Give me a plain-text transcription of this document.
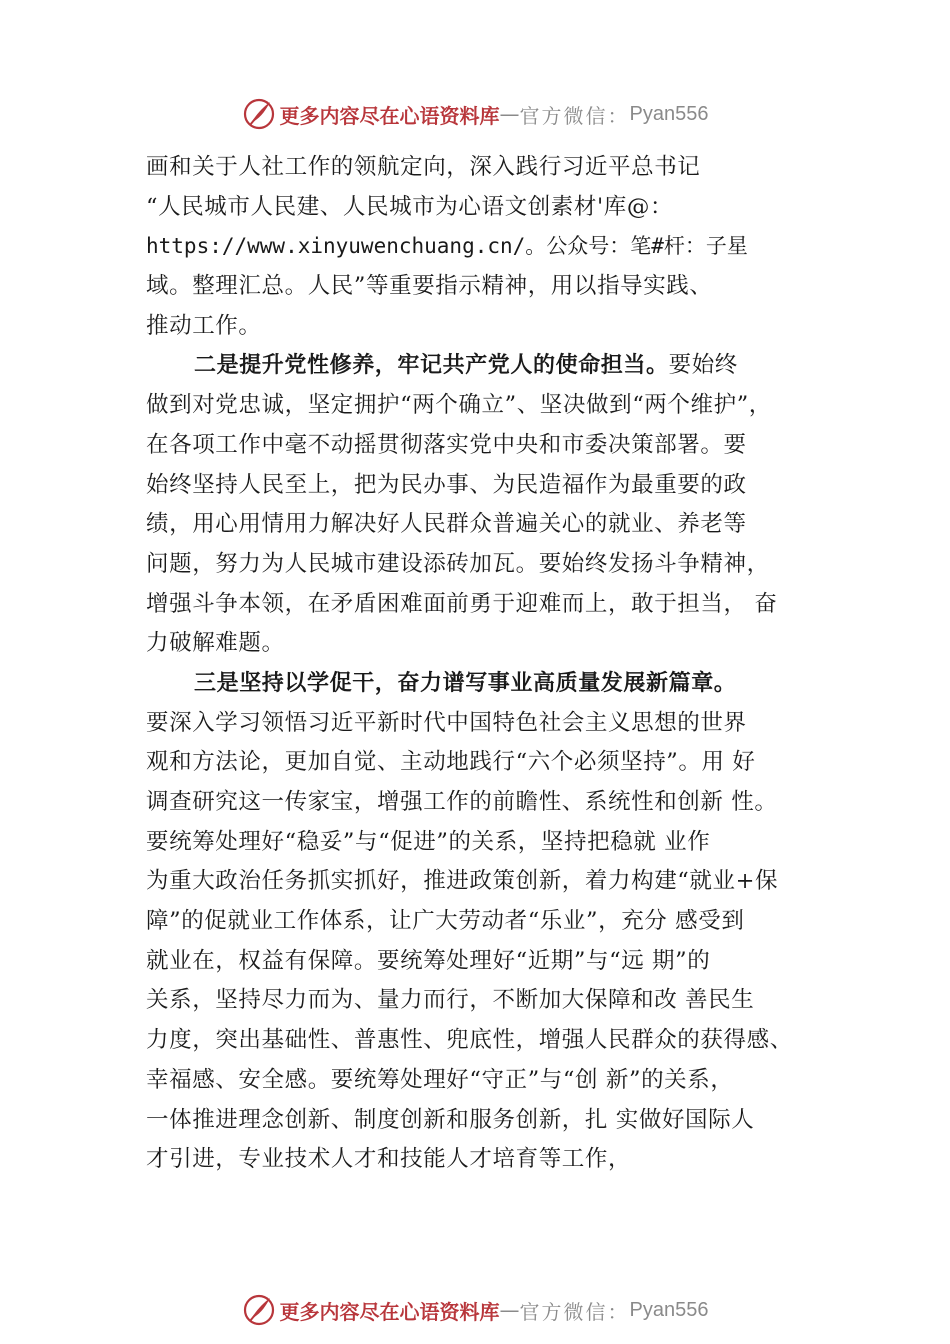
更多内容尽在心语资料库 — 官方微信： Pyan556
画和关于人社工作的领航定向，深入践行习近平总书记
“人民城市人民建、人民城市为心语文创素材'库@：
https://www.xinyuwenchuang.cn/。公众号：笔#杆：子星
域。整理汇总。人民”等重要指示精神，用以指导实践、
推动工作。
二是提升党性修养，牢记共产党人的使命担当。要始终
做到对党忠诚，坚定拥护“两个确立”、坚决做到“两个维护”，
在各项工作中毫不动摇贯彻落实党中央和市委决策部署。要
始终坚持人民至上，把为民办事、为民造福作为最重要的政
绩，用心用情用力解决好人民群众普遍关心的就业、养老等
问题，努力为人民城市建设添砖加瓦。要始终发扬斗争精神，
增强斗争本领，在矛盾困难面前勇于迎难而上，敢于担当， 奋
力破解难题。
三是坚持以学促干，奋力谱写事业高质量发展新篇章。
要深入学习领悟习近平新时代中国特色社会主义思想的世界
观和方法论，更加自觉、主动地践行“六个必须坚持”。用 好
调查研究这一传家宝，增强工作的前瞻性、系统性和创新 性。
要统筹处理好“稳妥”与“促进”的关系，坚持把稳就 业作
为重大政治任务抓实抓好，推进政策创新，着力构建“就业+保
障”的促就业工作体系，让广大劳动者“乐业”，充分 感受到
就业在，权益有保障。要统筹处理好“近期”与“远 期”的
关系，坚持尽力而为、量力而行，不断加大保障和改 善民生
力度，突出基础性、普惠性、兜底性，增强人民群众的获得感、
幸福感、安全感。要统筹处理好“守正”与“创 新”的关系，
一体推进理念创新、制度创新和服务创新，扎 实做好国际人
才引进，专业技术人才和技能人才培育等工作，
更多内容尽在心语资料库 — 官方微信： Pyan556
